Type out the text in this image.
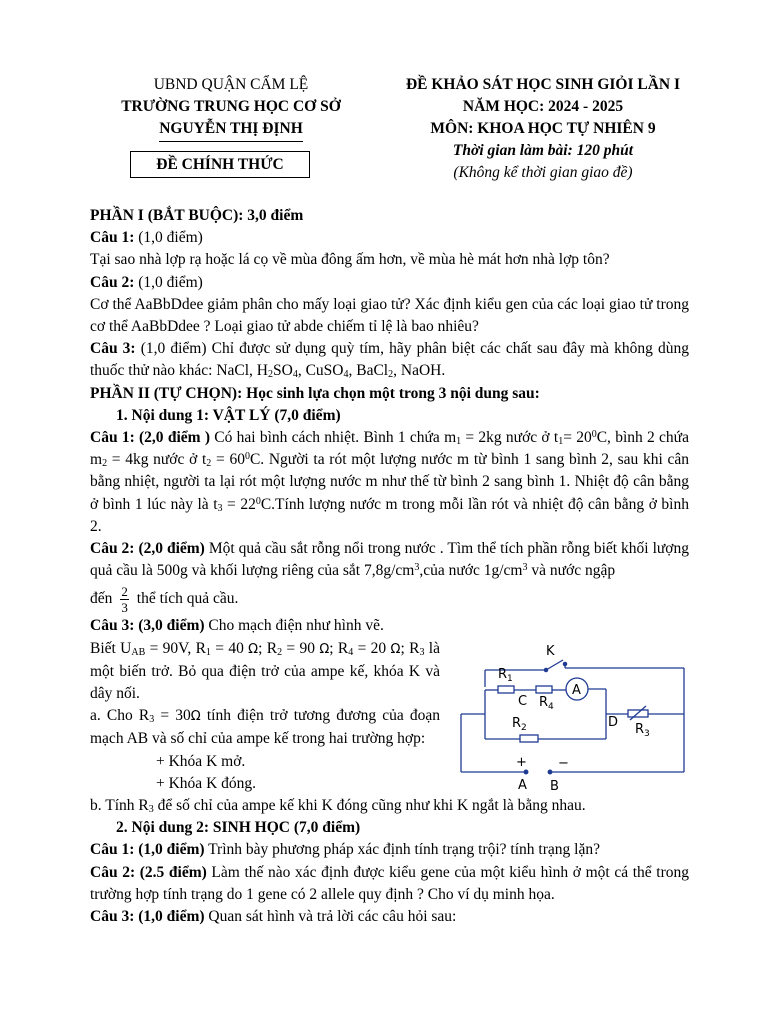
UBND QUẬN CẨM LỆ
TRƯỜNG TRUNG HỌC CƠ SỞ
NGUYỄN THỊ ĐỊNH
ĐỀ CHÍNH THỨC
ĐỀ KHẢO SÁT HỌC SINH GIỎI LẦN I
NĂM HỌC: 2024 - 2025
MÔN: KHOA HỌC TỰ NHIÊN 9
Thời gian làm bài: 120 phút
(Không kể thời gian giao đề)

PHẦN I (BẮT BUỘC): 3,0 điểm

Câu 1: (1,0 điểm)

Tại sao nhà lợp rạ hoặc lá cọ về mùa đông ấm hơn, về mùa hè mát hơn nhà lợp tôn?

Câu 2: (1,0 điểm)

Cơ thể AaBbDdee giảm phân cho mấy loại giao tử? Xác định kiểu gen của các loại giao tử trong cơ thể AaBbDdee ? Loại giao tử abde chiếm tỉ lệ là bao nhiêu?

Câu 3: (1,0 điểm) Chỉ được sử dụng quỳ tím, hãy phân biệt các chất sau đây mà không dùng thuốc thử nào khác: NaCl, $H_2SO_4$, CuSO$_4$, BaCl$_2$, NaOH.

PHẦN II (TỰ CHỌN): Học sinh lựa chọn một trong 3 nội dung sau:

1. Nội dung 1: VẬT LÝ (7,0 điểm)

Câu 1: (2,0 điểm ) Có hai bình cách nhiệt. Bình 1 chứa $m_1 = 2kg$ nước ở $t_1= 20^0C$, bình 2 chứa $m_2 = 4kg$ nước ở $t_2 = 60^0C$. Người ta rót một lượng nước m từ bình 1 sang bình 2, sau khi cân bằng nhiệt, người ta lại rót một lượng nước m như thế từ bình 2 sang bình 1. Nhiệt độ cân bằng ở bình 1 lúc này là $t_3$ = $22^0C.Tính$ lượng nước m trong mỗi lần rót và nhiệt độ cân bằng ở bình 2.

Câu 2: (2,0 điểm) Một quả cầu sắt rỗng nổi trong nước . Tìm thể tích phần rỗng biết khối lượng quả cầu là 500g và khối lượng riêng của sắt $7,8g/cm^3,của$ nước $1g/cm^3$ và nước ngập

đến $\frac{2}{3}$ thể tích quả cầu.

Câu 3: (3,0 điểm) Cho mạch điện như hình vẽ.

Biết $U_{AB} = 90V$, $R_1 = 40$ Ω; $R_2 = 90$ Ω; $R_4 = 20$ Ω; $R_3$ là một biến trở. Bỏ qua điện trở của ampe kế, khóa K và dây nối.

a. Cho $R_3 = 30\Omega$ tính điện trở tương đương của đoạn mạch AB và số chỉ của ampe kế trong hai trường hợp:

+ Khóa K mở.

+ Khóa K đóng.

b. Tính $R_3$ để số chỉ của ampe kế khi K đóng cũng như khi K ngắt là bằng nhau.

2. Nội dung 2: SINH HỌC (7,0 điểm)

Câu 1: (1,0 điểm) Trình bày phương pháp xác định tính trạng trội? tính trạng lặn?

Câu 2: (2.5 điểm) Làm thế nào xác định được kiểu gene của một kiểu hình ở một cá thể trong trường hợp tính trạng do 1 gene có 2 allele quy định ? Cho ví dụ minh họa.

Câu 3: (1,0 điểm) Quan sát hình và trả lời các câu hỏi sau:

K
$R_1$
C $R_4$
A
$R_2$	D $R_3$
+ −
A B
